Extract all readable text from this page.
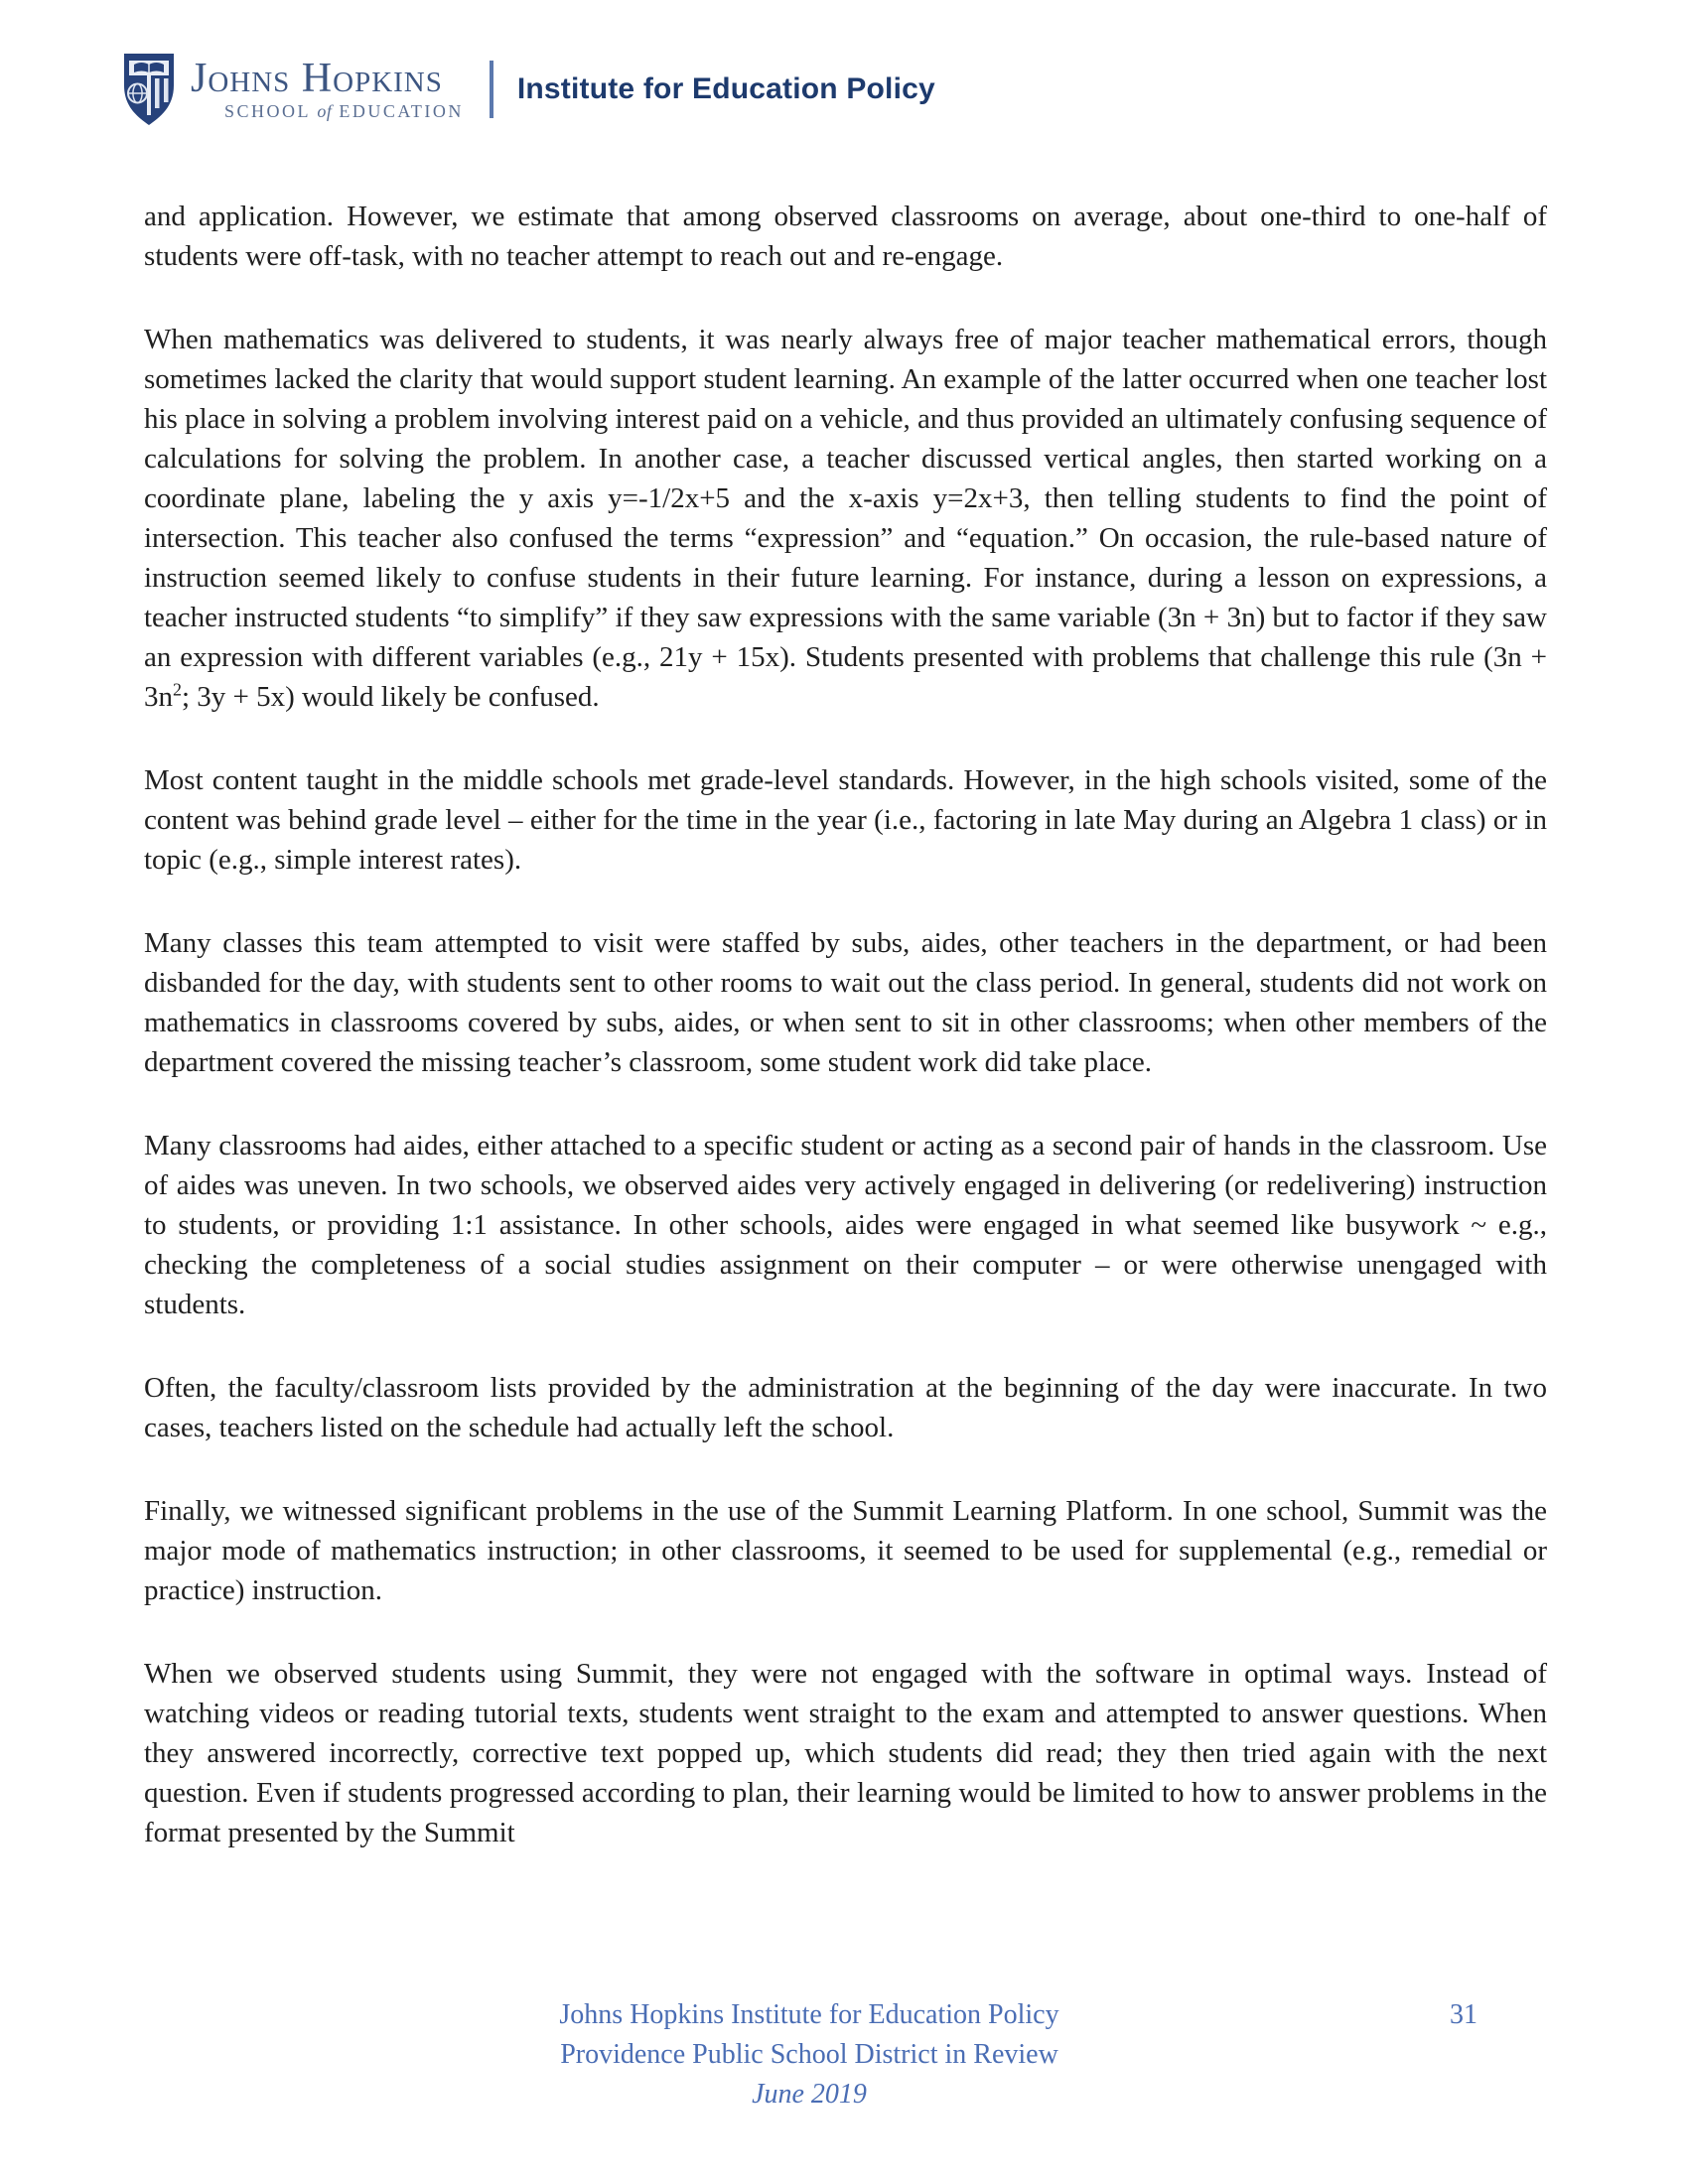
Johns Hopkins
SCHOOL of EDUCATION
Institute for Education Policy

and application. However, we estimate that among observed classrooms on average, about one-third to one-half of students were off-task, with no teacher attempt to reach out and re-engage.

When mathematics was delivered to students, it was nearly always free of major teacher mathematical errors, though sometimes lacked the clarity that would support student learning. An example of the latter occurred when one teacher lost his place in solving a problem involving interest paid on a vehicle, and thus provided an ultimately confusing sequence of calculations for solving the problem. In another case, a teacher discussed vertical angles, then started working on a coordinate plane, labeling the y axis y=-1/2x+5 and the x-axis y=2x+3, then telling students to find the point of intersection. This teacher also confused the terms “expression” and “equation.” On occasion, the rule-based nature of instruction seemed likely to confuse students in their future learning. For instance, during a lesson on expressions, a teacher instructed students “to simplify” if they saw expressions with the same variable (3n + 3n) but to factor if they saw an expression with different variables (e.g., 21y + 15x). Students presented with problems that challenge this rule ($3n + 3n^2$; 3y + 5x) would likely be confused.

Most content taught in the middle schools met grade-level standards. However, in the high schools visited, some of the content was behind grade level – either for the time in the year (i.e., factoring in late May during an Algebra 1 class) or in topic (e.g., simple interest rates).

Many classes this team attempted to visit were staffed by subs, aides, other teachers in the department, or had been disbanded for the day, with students sent to other rooms to wait out the class period. In general, students did not work on mathematics in classrooms covered by subs, aides, or when sent to sit in other classrooms; when other members of the department covered the missing teacher’s classroom, some student work did take place.

Many classrooms had aides, either attached to a specific student or acting as a second pair of hands in the classroom. Use of aides was uneven. In two schools, we observed aides very actively engaged in delivering (or redelivering) instruction to students, or providing 1:1 assistance. In other schools, aides were engaged in what seemed like busywork ~ e.g., checking the completeness of a social studies assignment on their computer – or were otherwise unengaged with students.

Often, the faculty/classroom lists provided by the administration at the beginning of the day were inaccurate. In two cases, teachers listed on the schedule had actually left the school.

Finally, we witnessed significant problems in the use of the Summit Learning Platform. In one school, Summit was the major mode of mathematics instruction; in other classrooms, it seemed to be used for supplemental (e.g., remedial or practice) instruction.

When we observed students using Summit, they were not engaged with the software in optimal ways. Instead of watching videos or reading tutorial texts, students went straight to the exam and attempted to answer questions. When they answered incorrectly, corrective text popped up, which students did read; they then tried again with the next question. Even if students progressed according to plan, their learning would be limited to how to answer problems in the format presented by the Summit

Johns Hopkins Institute for Education Policy
Providence Public School District in Review
June 2019
31
